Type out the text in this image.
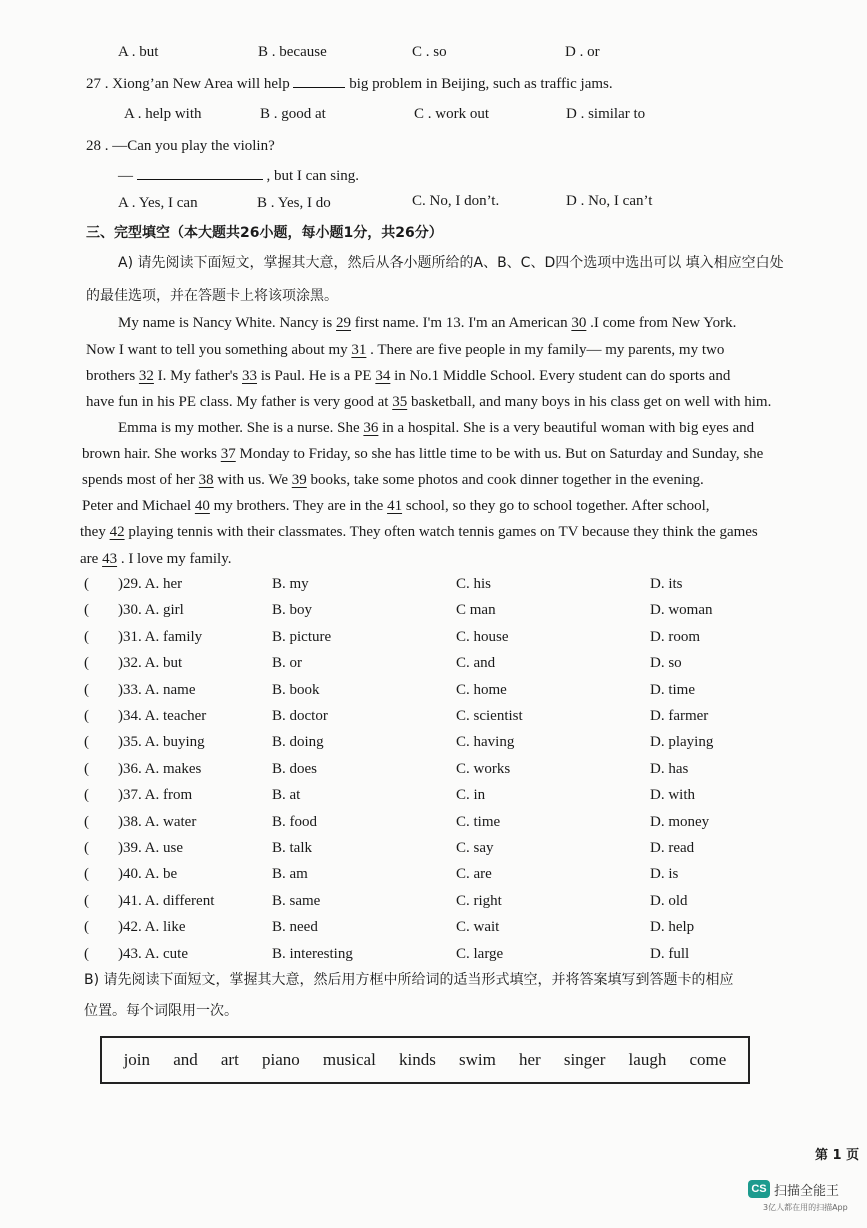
A . but	B . because	C . so	D . or
27 . Xiong’an New Area will help	big problem in Beijing, such as traffic jams.
A . help with	B . good at	C . work out	D . similar to
28 . —Can you play the violin?
—	, but I can sing.
A . Yes, I can	B . Yes, I do	C. No, I don’t.	D . No, I can’t
三、完型填空（本大题共26小题，每小题1分，共26分）
A) 请先阅读下面短文，掌握其大意，然后从各小题所给的A、B、C、D四个选项中选出可以 填入相应空白处
的最佳选项，并在答题卡上将该项涂黑。
My name is Nancy White. Nancy is 29 first name. I'm 13. I'm an American 30 .I come from New York.
Now I want to tell you something about my 31 . There are five people in my family— my parents, my two
brothers 32 I. My father's 33 is Paul. He is a PE 34 in No.1 Middle School. Every student can do sports and
have fun in his PE class. My father is very good at 35 basketball, and many boys in his class get on well with him.
Emma is my mother. She is a nurse. She 36 in a hospital. She is a very beautiful woman with big eyes and
brown hair. She works 37 Monday to Friday, so she has little time to be with us. But on Saturday and Sunday, she
spends most of her 38 with us. We 39 books, take some photos and cook dinner together in the evening.
Peter and Michael 40 my brothers. They are in the 41 school, so they go to school together. After school,
they 42 playing tennis with their classmates. They often watch tennis games on TV because they think the games
are 43 . I love my family.
( )29. A. her	B. my	C. his	D. its
( )30. A. girl	B. boy	C man	D. woman
( )31. A. family	B. picture	C. house	D. room
( )32. A. but	B. or	C. and	D. so
( )33. A. name	B. book	C. home	D. time
( )34. A. teacher	B. doctor	C. scientist	D. farmer
( )35. A. buying	B. doing	C. having	D. playing
( )36. A. makes	B. does	C. works	D. has
( )37. A. from	B. at	C. in	D. with
( )38. A. water	B. food	C. time	D. money
( )39. A. use	B. talk	C. say	D. read
( )40. A. be	B. am	C. are	D. is
( )41. A. different	B. same	C. right	D. old
( )42. A. like	B. need	C. wait	D. help
( )43. A. cute	B. interesting	C. large	D. full
B) 请先阅读下面短文，掌握其大意，然后用方框中所给词的适当形式填空，并将答案填写到答题卡的相应
位置。每个词限用一次。
join and art piano musical kinds swim her singer laugh come
第 1 页
CS 扫描全能王
3亿人都在用的扫描App
